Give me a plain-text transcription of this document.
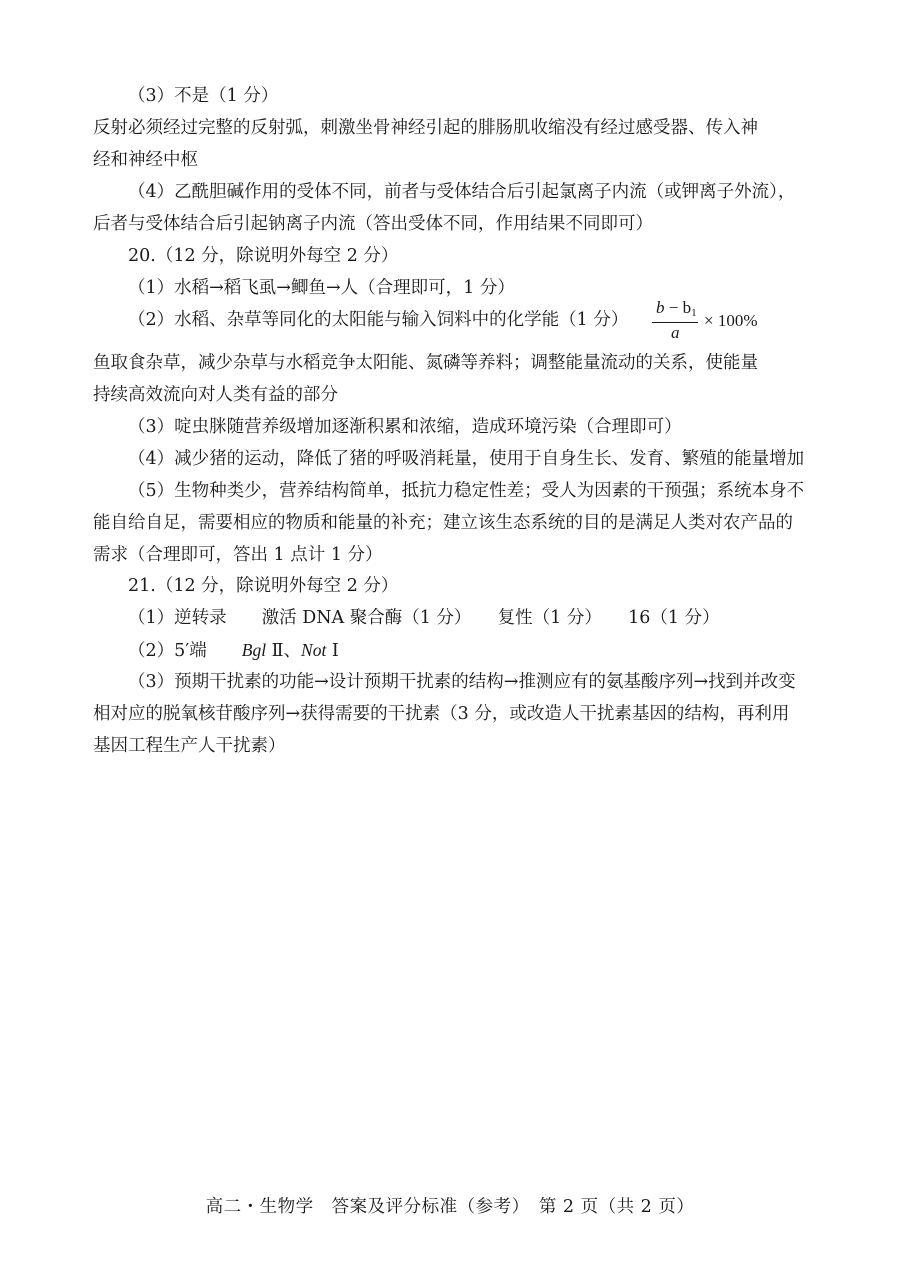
（3）不是（1 分）
反射必须经过完整的反射弧，刺激坐骨神经引起的腓肠肌收缩没有经过感受器、传入神
经和神经中枢
（4）乙酰胆碱作用的受体不同，前者与受体结合后引起氯离子内流（或钾离子外流），
后者与受体结合后引起钠离子内流（答出受体不同，作用结果不同即可）
20.（12 分，除说明外每空 2 分）
（1）水稻→稻飞虱→鲫鱼→人（合理即可，1 分）
（2）水稻、杂草等同化的太阳能与输入饲料中的化学能（1 分）
$b - b_1$
a
× 100%
鱼取食杂草，减少杂草与水稻竞争太阳能、氮磷等养料；调整能量流动的关系，使能量
持续高效流向对人类有益的部分
（3）啶虫脒随营养级增加逐渐积累和浓缩，造成环境污染（合理即可）
（4）减少猪的运动，降低了猪的呼吸消耗量，使用于自身生长、发育、繁殖的能量增加
（5）生物种类少，营养结构简单，抵抗力稳定性差；受人为因素的干预强；系统本身不
能自给自足，需要相应的物质和能量的补充；建立该生态系统的目的是满足人类对农产品的
需求（合理即可，答出 1 点计 1 分）
21.（12 分，除说明外每空 2 分）
（1）逆转录　　激活 DNA 聚合酶（1 分）　　复性（1 分）　　16（1 分）
（2）5′端　　Bgl Ⅱ、Not Ⅰ
（3）预期干扰素的功能→设计预期干扰素的结构→推测应有的氨基酸序列→找到并改变
相对应的脱氧核苷酸序列→获得需要的干扰素（3 分，或改造人干扰素基因的结构，再利用
基因工程生产人干扰素）
高二・生物学　答案及评分标准（参考）　第 2 页（共 2 页）
